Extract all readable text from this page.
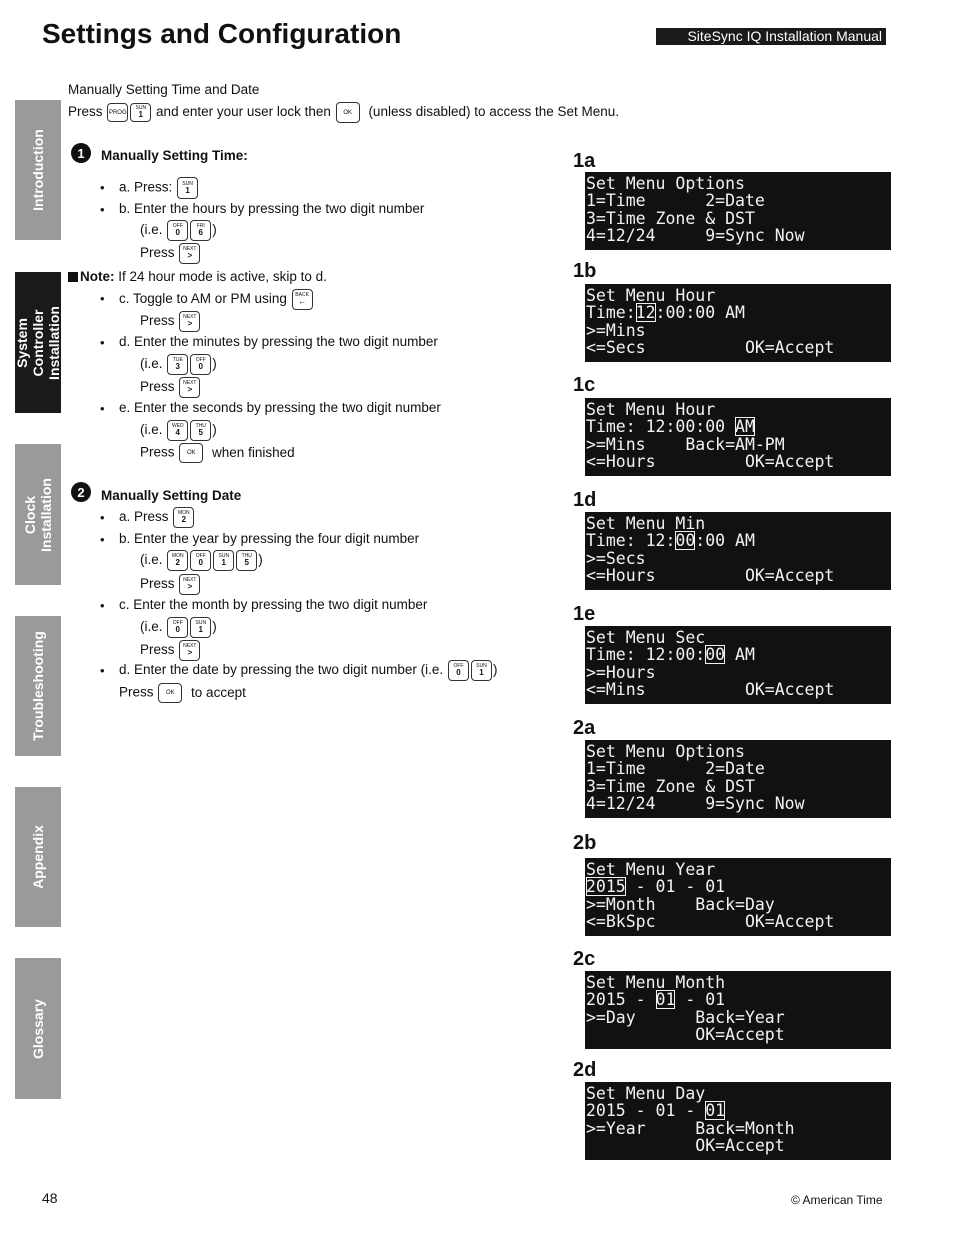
Settings and Configuration	SiteSync IQ Installation Manual
Introduction
System Controller Installation
Clock Installation
Troubleshooting
Appendix
Glossary
Manually Setting Time and Date
Press PROG
SUN
1 and enter your user lock then OK (unless disabled) to access the Set Menu.
1	Manually Setting Time:
• a. Press: SUN
1
• b. Enter the hours by pressing the two digit number
(i.e. OFF
0
FRI
6 )
Press NEXT
>
Note: If 24 hour mode is active, skip to d.
• c. Toggle to AM or PM using BACK
←
Press NEXT
>
• d. Enter the minutes by pressing the two digit number
(i.e. TUE
3
OFF
0 )
Press NEXT
>
• e. Enter the seconds by pressing the two digit number
(i.e. WED
4
THU
5 )
Press OK when finished
2	Manually Setting Date
• a. Press MON
2
• b. Enter the year by pressing the four digit number
(i.e. MON
2
OFF
0
SUN
1
THU
5 )
Press NEXT
>
• c. Enter the month by pressing the two digit number
(i.e. OFF
0
SUN
1 )
Press NEXT
>
• d. Enter the date by pressing the two digit number (i.e. OFF
0
SUN
1 )
Press OK to accept
1a
Set Menu Options
1=Time      2=Date
3=Time Zone & DST
4=12/24     9=Sync Now
1b
Set Menu Hour
Time:12:00:00 AM
>=Mins
<=Secs          OK=Accept
1c
Set Menu Hour
Time: 12:00:00 AM
>=Mins    Back=AM-PM
<=Hours         OK=Accept
1d
Set Menu Min
Time: 12:00:00 AM
>=Secs
<=Hours         OK=Accept
1e
Set Menu Sec
Time: 12:00:00 AM
>=Hours
<=Mins          OK=Accept
2a
Set Menu Options
1=Time      2=Date
3=Time Zone & DST
4=12/24     9=Sync Now
2b
Set Menu Year
2015 - 01 - 01
>=Month    Back=Day
<=BkSpc         OK=Accept
2c
Set Menu Month
2015 - 01 - 01
>=Day      Back=Year
OK=Accept
2d
Set Menu Day
2015 - 01 - 01
>=Year     Back=Month
OK=Accept
48	© American Time
